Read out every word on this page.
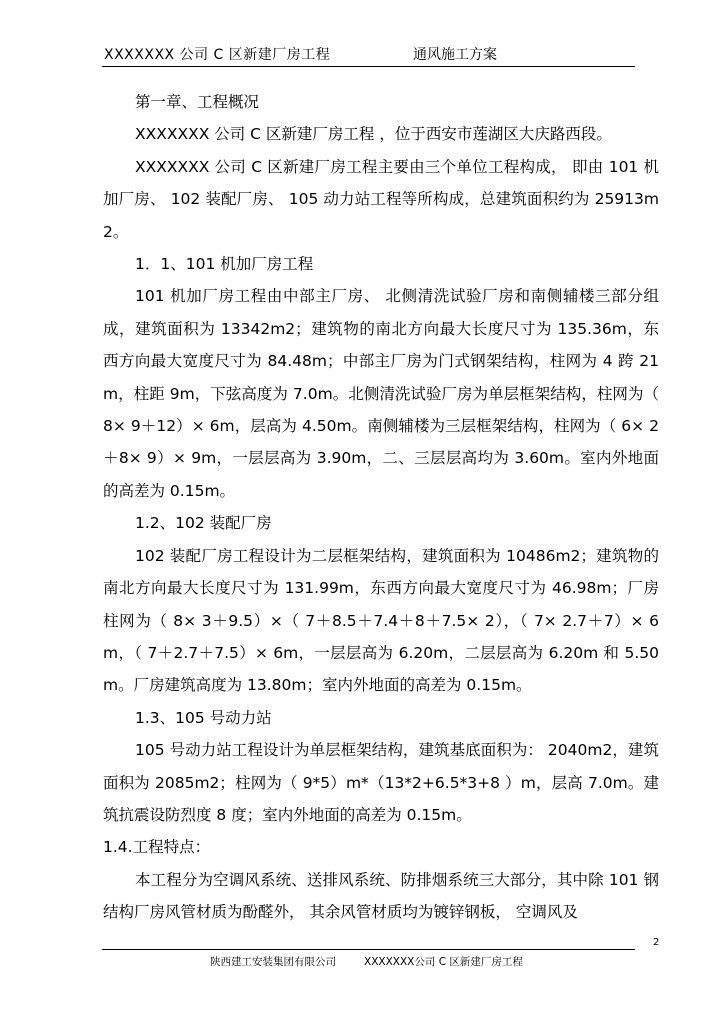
XXXXXXX 公司 C 区新建厂房工程	通风施工方案

第一章、工程概况

XXXXXXX 公司 C 区新建厂房工程 ，位于西安市莲湖区大庆路西段。

XXXXXXX 公司 C 区新建厂房工程主要由三个单位工程构成， 即由 101 机加厂房、 102 装配厂房、 105 动力站工程等所构成，总建筑面积约为 25913m2。

1．1、101 机加厂房工程

101 机加厂房工程由中部主厂房、 北侧清洗试验厂房和南侧辅楼三部分组成，建筑面积为 13342m2；建筑物的南北方向最大长度尺寸为 135.36m，东西方向最大宽度尺寸为 84.48m；中部主厂房为门式钢架结构，柱网为 4 跨 21m，柱距 9m，下弦高度为 7.0m。北侧清洗试验厂房为单层框架结构，柱网为（ 8× 9＋12）× 6m，层高为 4.50m。南侧辅楼为三层框架结构，柱网为（ 6× 2＋8× 9）× 9m，一层层高为 3.90m，二、三层层高均为 3.60m。室内外地面的高差为 0.15m。

1.2、102 装配厂房

102 装配厂房工程设计为二层框架结构，建筑面积为 10486m2；建筑物的南北方向最大长度尺寸为 131.99m，东西方向最大宽度尺寸为 46.98m；厂房柱网为（ 8× 3＋9.5）×（ 7＋8.5＋7.4＋8＋7.5× 2），（ 7× 2.7＋7）× 6m，（ 7＋2.7＋7.5）× 6m，一层层高为 6.20m，二层层高为 6.20m 和 5.50m。厂房建筑高度为 13.80m；室内外地面的高差为 0.15m。

1.3、105 号动力站

105 号动力站工程设计为单层框架结构，建筑基底面积为： 2040m2，建筑面积为 2085m2；柱网为（ 9*5）m*（13*2+6.5*3+8 ）m，层高 7.0m。建筑抗震设防烈度 8 度；室内外地面的高差为 0.15m。

1.4.工程特点：

本工程分为空调风系统、送排风系统、防排烟系统三大部分，其中除 101 钢结构厂房风管材质为酚醛外， 其余风管材质均为镀锌钢板， 空调风及

2
陕西建工安装集团有限公司	XXXXXXX公司 C 区新建厂房工程
